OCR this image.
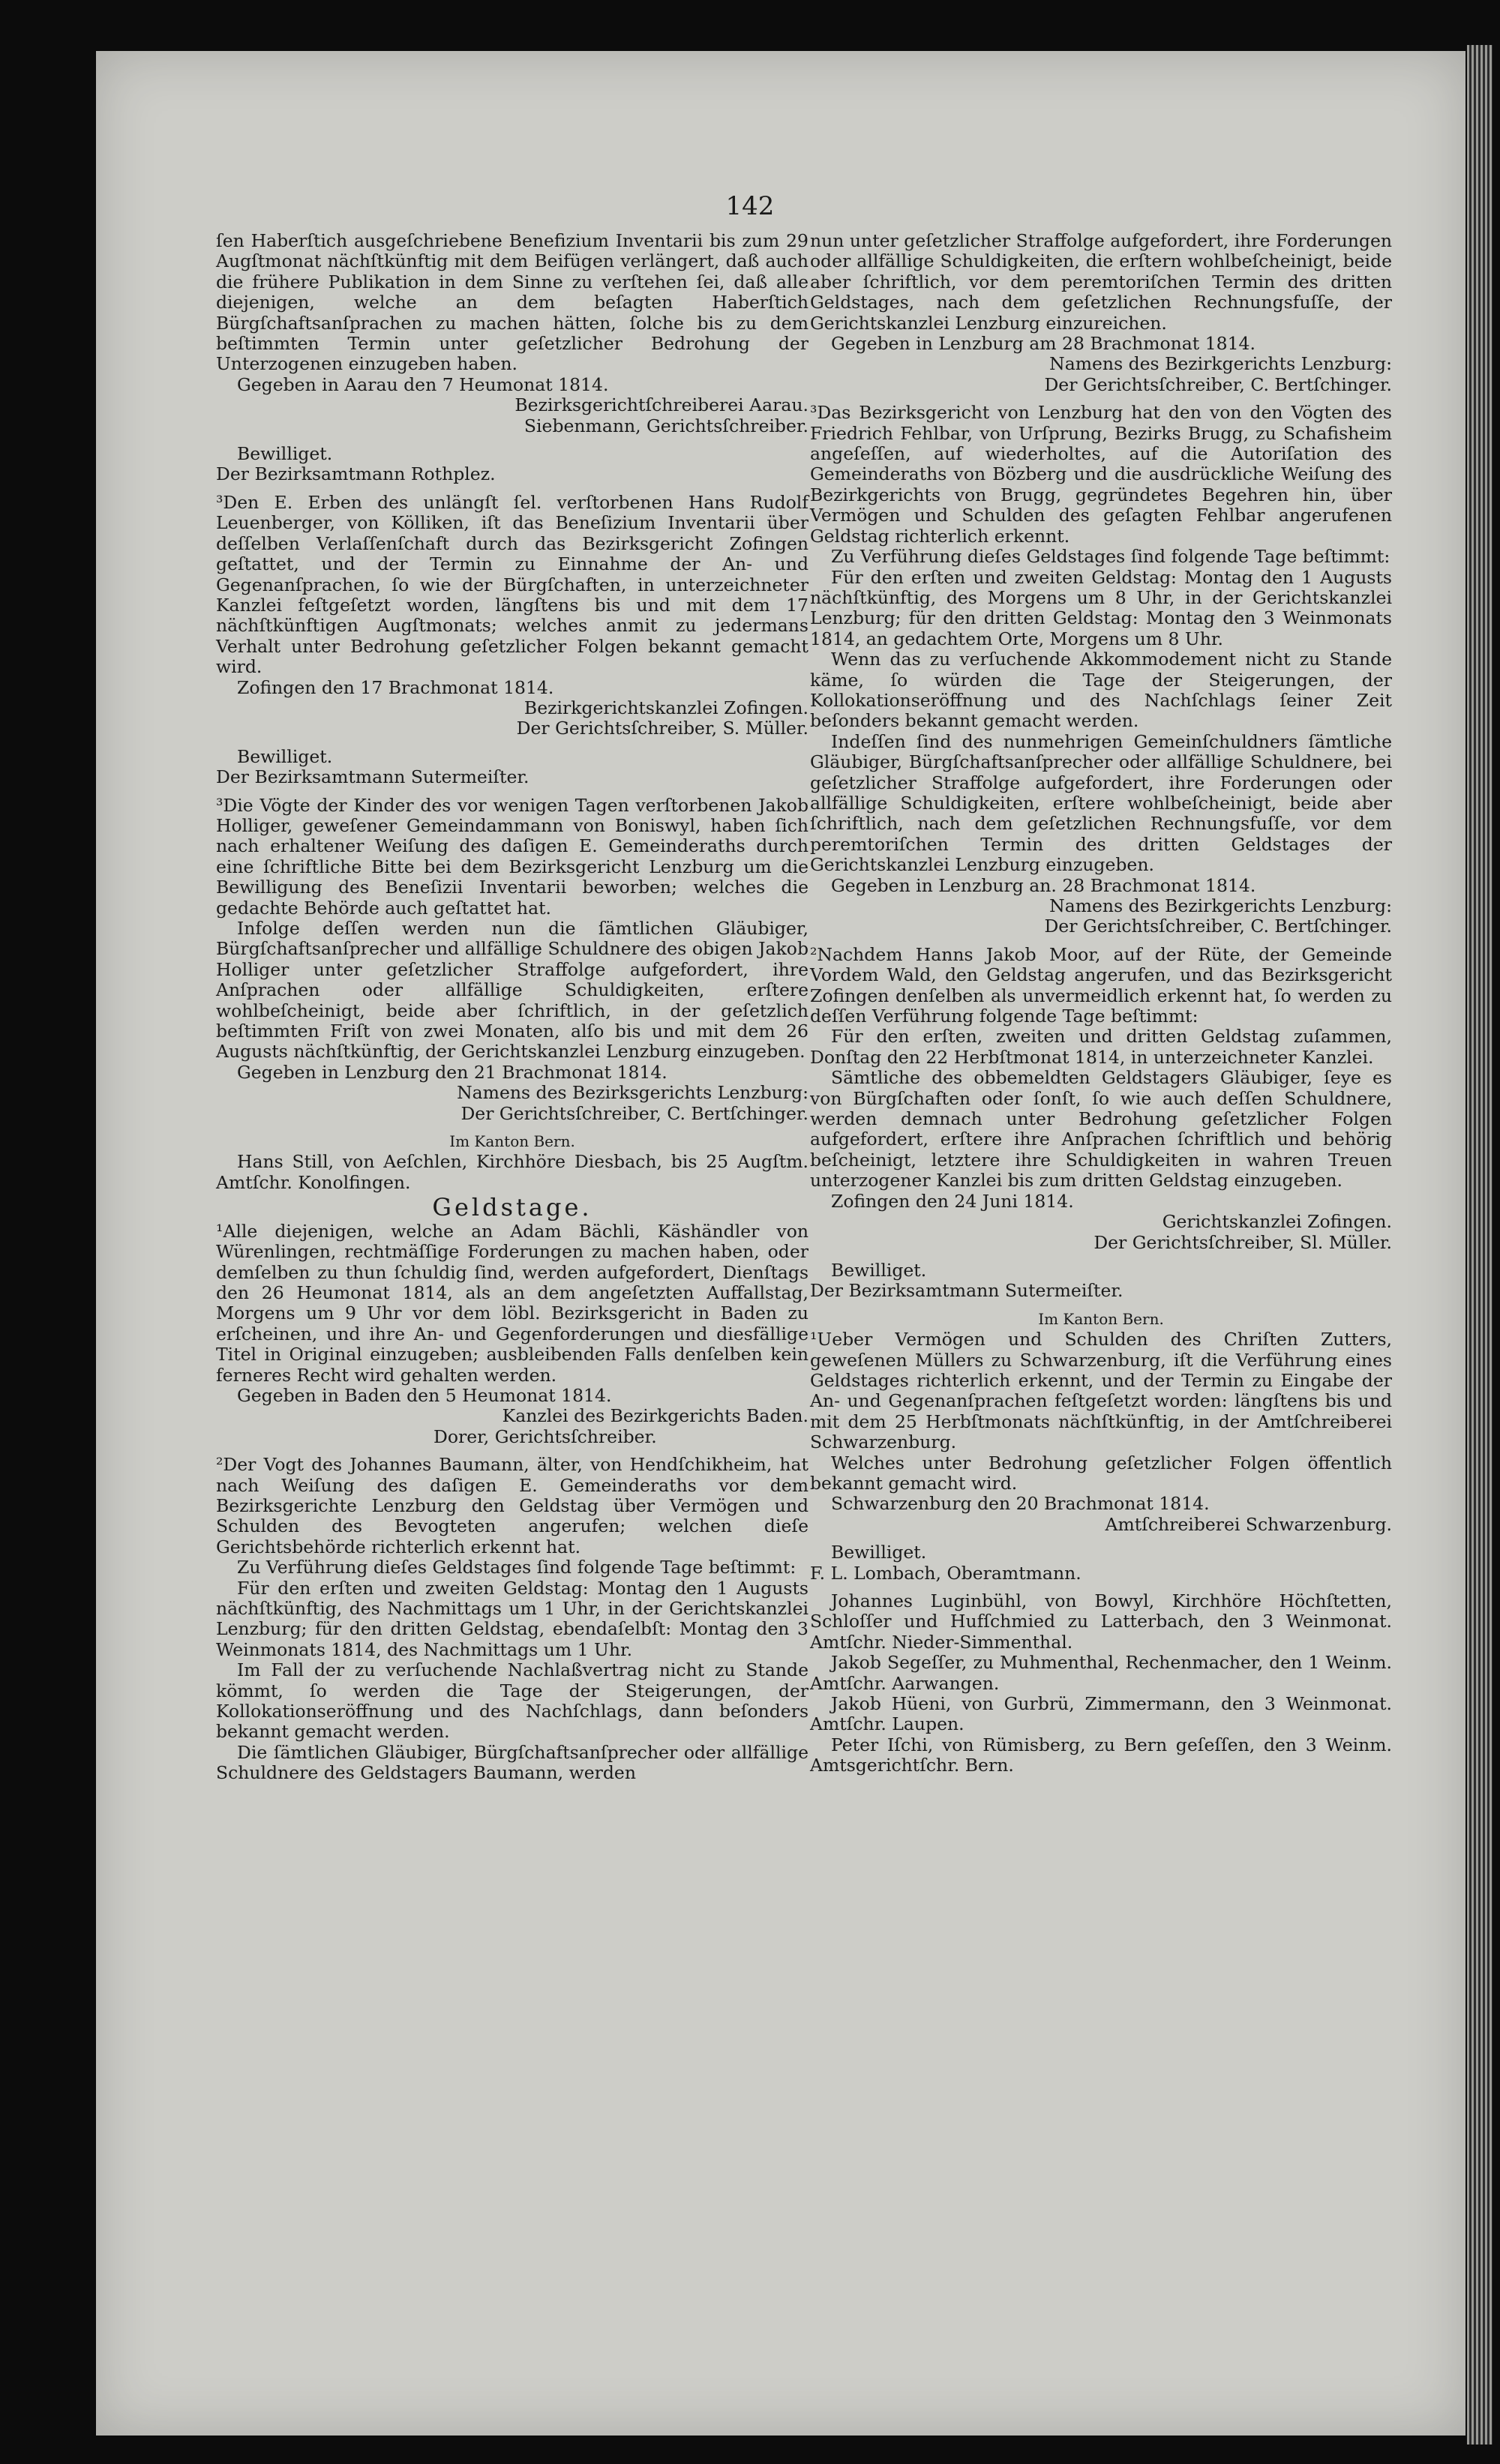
142

ſen Haberſtich ausgeſchriebene Benefizium Inventarii bis zum 29 Augſtmonat nächſtkünftig mit dem Beifügen verlängert, daß auch die frühere Publikation in dem Sinne zu verſtehen ſei, daß alle diejenigen, welche an dem beſagten Haberſtich Bürgſchaftsanſprachen zu machen hätten, ſolche bis zu dem beſtimmten Termin unter geſetzlicher Bedrohung der Unterzogenen einzugeben haben.

Gegeben in Aarau den 7 Heumonat 1814.

Bezirksgerichtſchreiberei Aarau.

Siebenmann, Gerichtsſchreiber.

Bewilliget.

Der Bezirksamtmann Rothplez.

³Den E. Erben des unlängſt ſel. verſtorbenen Hans Rudolf Leuenberger, von Kölliken, iſt das Beneſizium Inventarii über deſſelben Verlaſſenſchaft durch das Bezirksgericht Zofingen geſtattet, und der Termin zu Einnahme der An- und Gegenanſprachen, ſo wie der Bürgſchaften, in unterzeichneter Kanzlei feſtgeſetzt worden, längſtens bis und mit dem 17 nächſtkünftigen Augſtmonats; welches anmit zu jedermans Verhalt unter Bedrohung geſetzlicher Folgen bekannt gemacht wird.

Zofingen den 17 Brachmonat 1814.

Bezirkgerichtskanzlei Zofingen.

Der Gerichtsſchreiber, S. Müller.

Bewilliget.

Der Bezirksamtmann Sutermeiſter.

³Die Vögte der Kinder des vor wenigen Tagen verſtorbenen Jakob Holliger, geweſener Gemeindammann von Boniswyl, haben ſich nach erhaltener Weiſung des daſigen E. Gemeinderaths durch eine ſchriftliche Bitte bei dem Bezirksgericht Lenzburg um die Bewilligung des Beneſizii Inventarii beworben; welches die gedachte Behörde auch geſtattet hat.

Infolge deſſen werden nun die ſämtlichen Gläubiger, Bürgſchaftsanſprecher und allfällige Schuldnere des obigen Jakob Holliger unter geſetzlicher Straffolge aufgefordert, ihre Anſprachen oder allfällige Schuldigkeiten, erſtere wohlbeſcheinigt, beide aber ſchriftlich, in der geſetzlich beſtimmten Friſt von zwei Monaten, alſo bis und mit dem 26 Augusts nächſtkünftig, der Gerichtskanzlei Lenzburg einzugeben.

Gegeben in Lenzburg den 21 Brachmonat 1814.

Namens des Bezirksgerichts Lenzburg:

Der Gerichtsſchreiber, C. Bertſchinger.

Im Kanton Bern.

Hans Still, von Aeſchlen, Kirchhöre Diesbach, bis 25 Augſtm. Amtſchr. Konolfingen.

Geldstage.

¹Alle diejenigen, welche an Adam Bächli, Käshändler von Würenlingen, rechtmäſſige Forderungen zu machen haben, oder demſelben zu thun ſchuldig ſind, werden aufgefordert, Dienſtags den 26 Heumonat 1814, als an dem angeſetzten Auffallstag, Morgens um 9 Uhr vor dem löbl. Bezirksgericht in Baden zu erſcheinen, und ihre An- und Gegenforderungen und diesfällige Titel in Original einzugeben; ausbleibenden Falls denſelben kein ferneres Recht wird gehalten werden.

Gegeben in Baden den 5 Heumonat 1814.

Kanzlei des Bezirkgerichts Baden.

Dorer, Gerichtsſchreiber.

²Der Vogt des Johannes Baumann, älter, von Hendſchikheim, hat nach Weiſung des daſigen E. Gemeinderaths vor dem Bezirksgerichte Lenzburg den Geldstag über Vermögen und Schulden des Bevogteten angerufen; welchen dieſe Gerichtsbehörde richterlich erkennt hat.

Zu Verführung dieſes Geldstages ſind folgende Tage beſtimmt:

Für den erſten und zweiten Geldstag: Montag den 1 Augusts nächſtkünftig, des Nachmittags um 1 Uhr, in der Gerichtskanzlei Lenzburg; für den dritten Geldstag, ebendaſelbſt: Montag den 3 Weinmonats 1814, des Nachmittags um 1 Uhr.

Im Fall der zu verſuchende Nachlaßvertrag nicht zu Stande kömmt, ſo werden die Tage der Steigerungen, der Kollokationseröffnung und des Nachſchlags, dann beſonders bekannt gemacht werden.

Die ſämtlichen Gläubiger, Bürgſchaftsanſprecher oder allfällige Schuldnere des Geldstagers Baumann, werden

nun unter geſetzlicher Straffolge aufgefordert, ihre Forderungen oder allfällige Schuldigkeiten, die erſtern wohlbeſcheinigt, beide aber ſchriftlich, vor dem peremtoriſchen Termin des dritten Geldstages, nach dem geſetzlichen Rechnungsfuſſe, der Gerichtskanzlei Lenzburg einzureichen.

Gegeben in Lenzburg am 28 Brachmonat 1814.

Namens des Bezirkgerichts Lenzburg:

Der Gerichtsſchreiber, C. Bertſchinger.

³Das Bezirksgericht von Lenzburg hat den von den Vögten des Friedrich Fehlbar, von Urſprung, Bezirks Brugg, zu Schafisheim angeſeſſen, auf wiederholtes, auf die Autoriſation des Gemeinderaths von Bözberg und die ausdrückliche Weiſung des Bezirkgerichts von Brugg, gegründetes Begehren hin, über Vermögen und Schulden des geſagten Fehlbar angerufenen Geldstag richterlich erkennt.

Zu Verführung dieſes Geldstages ſind folgende Tage beſtimmt:

Für den erſten und zweiten Geldstag: Montag den 1 Augusts nächſtkünftig, des Morgens um 8 Uhr, in der Gerichtskanzlei Lenzburg; für den dritten Geldstag: Montag den 3 Weinmonats 1814, an gedachtem Orte, Morgens um 8 Uhr.

Wenn das zu verſuchende Akkommodement nicht zu Stande käme, ſo würden die Tage der Steigerungen, der Kollokationseröffnung und des Nachſchlags ſeiner Zeit beſonders bekannt gemacht werden.

Indeſſen ſind des nunmehrigen Gemeinſchuldners ſämtliche Gläubiger, Bürgſchaftsanſprecher oder allfällige Schuldnere, bei geſetzlicher Straffolge aufgefordert, ihre Forderungen oder allfällige Schuldigkeiten, erſtere wohlbeſcheinigt, beide aber ſchriftlich, nach dem geſetzlichen Rechnungsfuſſe, vor dem peremtoriſchen Termin des dritten Geldstages der Gerichtskanzlei Lenzburg einzugeben.

Gegeben in Lenzburg an. 28 Brachmonat 1814.

Namens des Bezirkgerichts Lenzburg:

Der Gerichtsſchreiber, C. Bertſchinger.

²Nachdem Hanns Jakob Moor, auf der Rüte, der Gemeinde Vordem Wald, den Geldstag angerufen, und das Bezirksgericht Zofingen denſelben als unvermeidlich erkennt hat, ſo werden zu deſſen Verführung folgende Tage beſtimmt:

Für den erſten, zweiten und dritten Geldstag zuſammen, Donſtag den 22 Herbſtmonat 1814, in unterzeichneter Kanzlei.

Sämtliche des obbemeldten Geldstagers Gläubiger, ſeye es von Bürgſchaften oder ſonſt, ſo wie auch deſſen Schuldnere, werden demnach unter Bedrohung geſetzlicher Folgen aufgefordert, erſtere ihre Anſprachen ſchriftlich und behörig beſcheinigt, letztere ihre Schuldigkeiten in wahren Treuen unterzogener Kanzlei bis zum dritten Geldstag einzugeben.

Zofingen den 24 Juni 1814.

Gerichtskanzlei Zofingen.

Der Gerichtsſchreiber, Sl. Müller.

Bewilliget.

Der Bezirksamtmann Sutermeiſter.

Im Kanton Bern.

¹Ueber Vermögen und Schulden des Chriſten Zutters, geweſenen Müllers zu Schwarzenburg, iſt die Verführung eines Geldstages richterlich erkennt, und der Termin zu Eingabe der An- und Gegenanſprachen feſtgeſetzt worden: längſtens bis und mit dem 25 Herbſtmonats nächſtkünftig, in der Amtſchreiberei Schwarzenburg.

Welches unter Bedrohung geſetzlicher Folgen öffentlich bekannt gemacht wird.

Schwarzenburg den 20 Brachmonat 1814.

Amtſchreiberei Schwarzenburg.

Bewilliget.

F. L. Lombach, Oberamtmann.

Johannes Luginbühl, von Bowyl, Kirchhöre Höchſtetten, Schloſſer und Hufſchmied zu Latterbach, den 3 Weinmonat. Amtſchr. Nieder-Simmenthal.

Jakob Segeſſer, zu Muhmenthal, Rechenmacher, den 1 Weinm. Amtſchr. Aarwangen.

Jakob Hüeni, von Gurbrü, Zimmermann, den 3 Weinmonat. Amtſchr. Laupen.

Peter Iſchi, von Rümisberg, zu Bern geſeſſen, den 3 Weinm. Amtsgerichtſchr. Bern.
